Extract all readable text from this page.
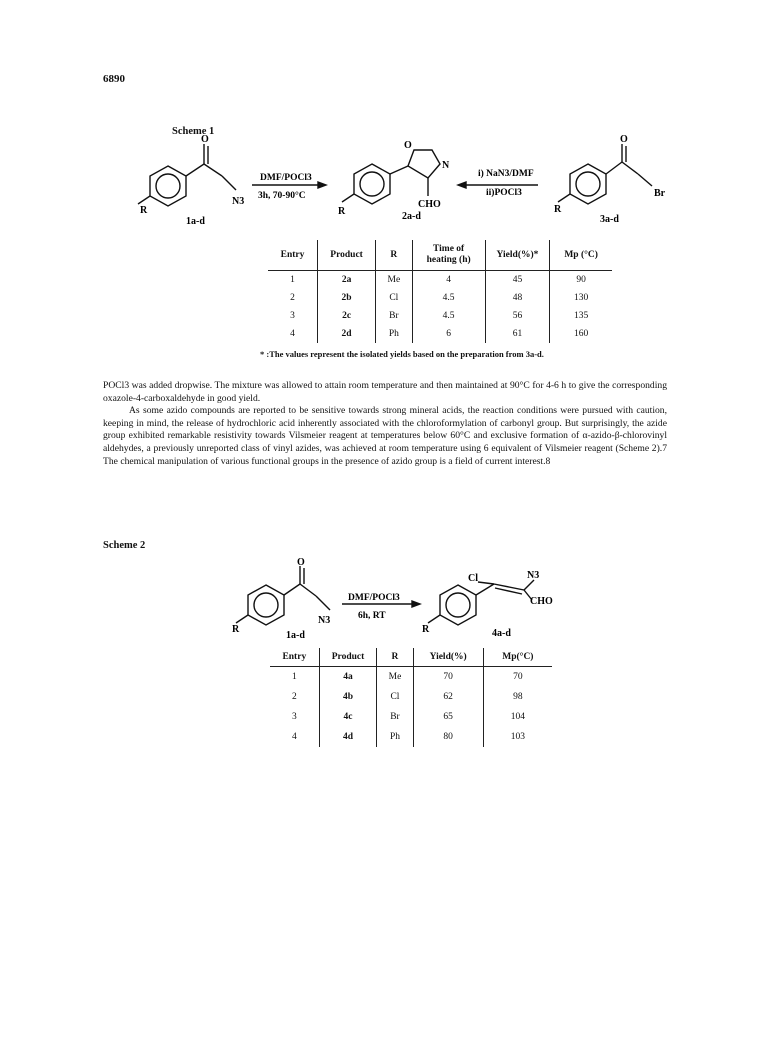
6890
Scheme 1
O
R
N3
1a-d
DMF/POCl3
3h, 70-90°C
O
N
CHO
R	2a-d
i) NaN3/DMF
ii)POCl3
O
Br
R
3a-d
Entry	Product	R	Time of
heating (h)	Yield(%)*	Mp (°C)
1	2a	Me	4	45	90
2	2b	Cl	4.5	48	130
3	2c	Br	4.5	56	135
4	2d	Ph	6	61	160
* :The values represent the isolated yields based on the preparation from 3a-d.

POCl3 was added dropwise. The mixture was allowed to attain room temperature and then maintained at 90°C for 4-6 h to give the corresponding oxazole-4-carboxaldehyde in good yield.

As some azido compounds are reported to be sensitive towards strong mineral acids, the reaction conditions were pursued with caution, keeping in mind, the release of hydrochloric acid inherently associated with the chloroformylation of carbonyl group. But surprisingly, the azide group exhibited remarkable resistivity towards Vilsmeier reagent at temperatures below 60°C and exclusive formation of α-azido-β-chlorovinyl aldehydes, a previously unreported class of vinyl azides, was achieved at room temperature using 6 equivalent of Vilsmeier reagent (Scheme 2).7 The chemical manipulation of various functional groups in the presence of azido group is a field of current interest.8

Scheme 2
O
R
N3
1a-d
DMF/POCl3
6h, RT
Cl	N3
CHO
R	4a-d
Entry	Product	R	Yield(%)	Mp(°C)
1	4a	Me	70	70
2	4b	Cl	62	98
3	4c	Br	65	104
4	4d	Ph	80	103
